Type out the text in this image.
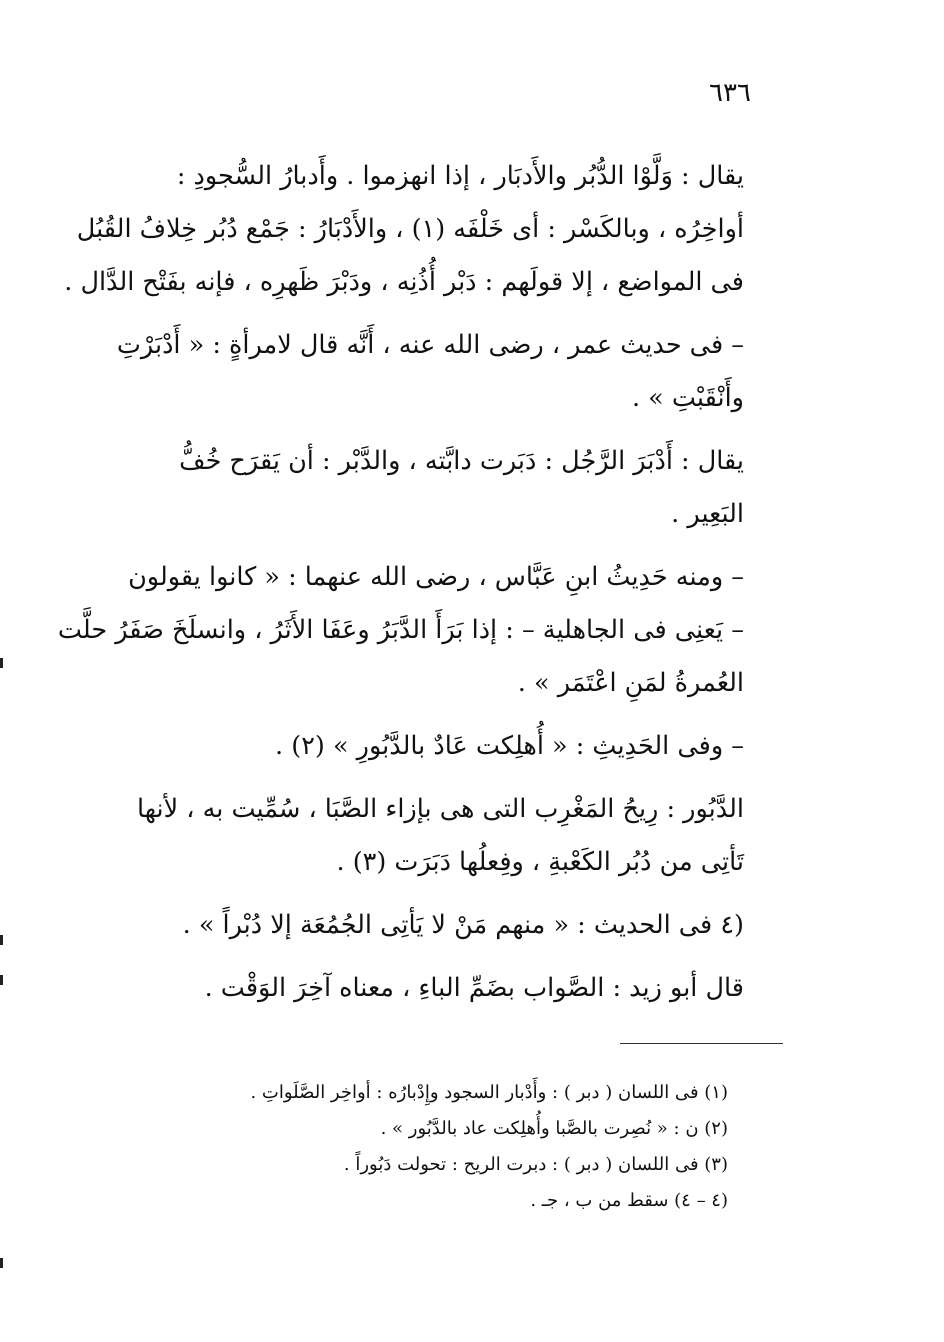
٦٣٦

يقال : وَلَّوْا الدُّبُر والأَدبَار ، إذا انهزموا . وأَدبارُ السُّجودِ :
أواخِرُه ، وبالكَسْر : أى خَلْفَه (١) ، والأَدْبَارُ : جَمْع دُبُر خِلافُ القُبُل
فى المواضع ، إلا قولَهم : دَبْر أُذُنِه ، ودَبْرَ ظَهرِه ، فإنه بفَتْح الدَّال .

– فى حديث عمر ، رضى الله عنه ، أَنَّه قال لامرأةٍ : « أَدْبَرْتِ
وأَنْقَبْتِ » .

يقال : أَدْبَرَ الرَّجُل : دَبَرت دابَّته ، والدَّبْر : أن يَقرَح خُفُّ
البَعِير .

– ومنه حَدِيثُ ابنِ عَبَّاس ، رضى الله عنهما : « كانوا يقولون
– يَعنِى فى الجاهلية – : إذا بَرَأَ الدَّبَرُ وعَفَا الأَثَرُ ، وانسلَخَ صَفَرُ حلَّت
العُمرةُ لمَنِ اعْتَمَر » .

– وفى الحَدِيثِ : « أُهلِكت عَادٌ بالدَّبُورِ » (٢) .

الدَّبُور : رِيحُ المَغْرِب التى هى بإزاء الصَّبَا ، سُمِّيت به ، لأنها
تَأتِى من دُبُر الكَعْبةِ ، وفِعلُها دَبَرَت (٣) .

(٤ فى الحديث : « منهم مَنْ لا يَأتِى الجُمُعَة إلا دُبْراً » .

قال أبو زيد : الصَّواب بضَمِّ الباءِ ، معناه آخِرَ الوَقْت .

(١) فى اللسان ( دبر ) : وأَدْبار السجود وإِدْبارُه : أواخِر الصَّلَواتِ .
(٢) ن : « نُصِرت بالصَّبا وأُهلِكت عاد بالدَّبُور » .
(٣) فى اللسان ( دبر ) : دبرت الريح : تحولت دَبُوراً .
(٤ – ٤) سقط من ب ، جـ .
